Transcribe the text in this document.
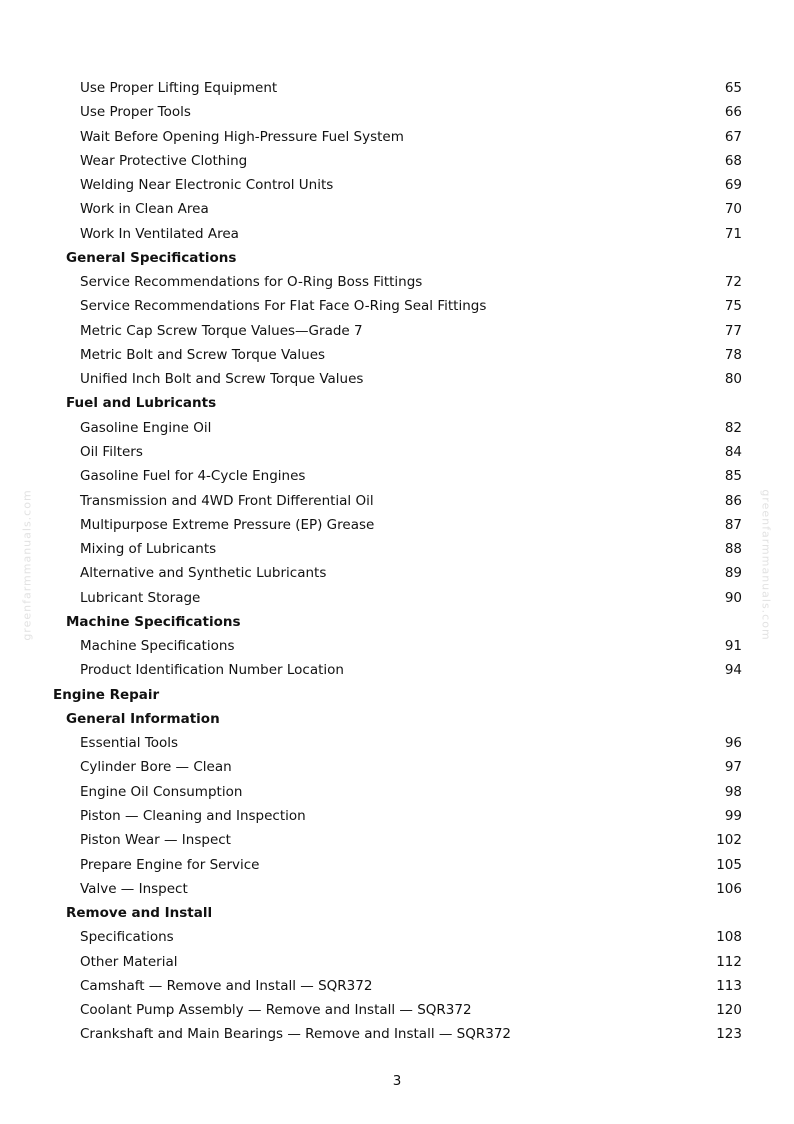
Use Proper Lifting Equipment	65
Use Proper Tools	66
Wait Before Opening High-Pressure Fuel System	67
Wear Protective Clothing	68
Welding Near Electronic Control Units	69
Work in Clean Area	70
Work In Ventilated Area	71
General Specifications
Service Recommendations for O-Ring Boss Fittings	72
Service Recommendations For Flat Face O-Ring Seal Fittings	75
Metric Cap Screw Torque Values—Grade 7	77
Metric Bolt and Screw Torque Values	78
Unified Inch Bolt and Screw Torque Values	80
Fuel and Lubricants
Gasoline Engine Oil	82
Oil Filters	84
Gasoline Fuel for 4-Cycle Engines	85
Transmission and 4WD Front Differential Oil	86
Multipurpose Extreme Pressure (EP) Grease	87
Mixing of Lubricants	88
Alternative and Synthetic Lubricants	89
Lubricant Storage	90
Machine Specifications
Machine Specifications	91
Product Identification Number Location	94
Engine Repair
General Information
Essential Tools	96
Cylinder Bore — Clean	97
Engine Oil Consumption	98
Piston — Cleaning and Inspection	99
Piston Wear — Inspect	102
Prepare Engine for Service	105
Valve — Inspect	106
Remove and Install
Specifications	108
Other Material	112
Camshaft — Remove and Install — SQR372	113
Coolant Pump Assembly — Remove and Install — SQR372	120
Crankshaft and Main Bearings — Remove and Install — SQR372	123
greenfarmmanuals.com	greenfarmmanuals.com
3
